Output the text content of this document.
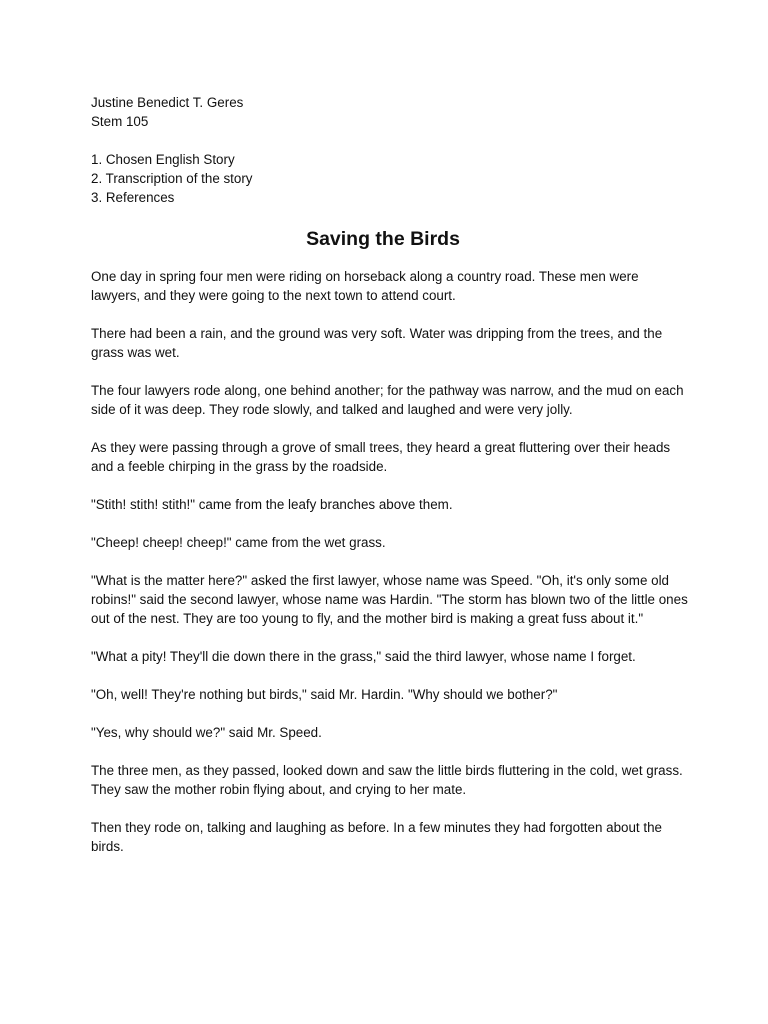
Justine Benedict T. Geres
Stem 105
1. Chosen English Story
2. Transcription of the story
3. References
Saving the Birds

One day in spring four men were riding on horseback along a country road. These men were lawyers, and they were going to the next town to attend court.

There had been a rain, and the ground was very soft. Water was dripping from the trees, and the grass was wet.

The four lawyers rode along, one behind another; for the pathway was narrow, and the mud on each side of it was deep. They rode slowly, and talked and laughed and were very jolly.

As they were passing through a grove of small trees, they heard a great fluttering over their heads and a feeble chirping in the grass by the roadside.

"Stith! stith! stith!" came from the leafy branches above them.

"Cheep! cheep! cheep!" came from the wet grass.

"What is the matter here?" asked the first lawyer, whose name was Speed. "Oh, it's only some old robins!" said the second lawyer, whose name was Hardin. "The storm has blown two of the little ones out of the nest. They are too young to fly, and the mother bird is making a great fuss about it."

"What a pity! They'll die down there in the grass," said the third lawyer, whose name I forget.

"Oh, well! They're nothing but birds," said Mr. Hardin. "Why should we bother?"

"Yes, why should we?" said Mr. Speed.

The three men, as they passed, looked down and saw the little birds fluttering in the cold, wet grass. They saw the mother robin flying about, and crying to her mate.

Then they rode on, talking and laughing as before. In a few minutes they had forgotten about the birds.
